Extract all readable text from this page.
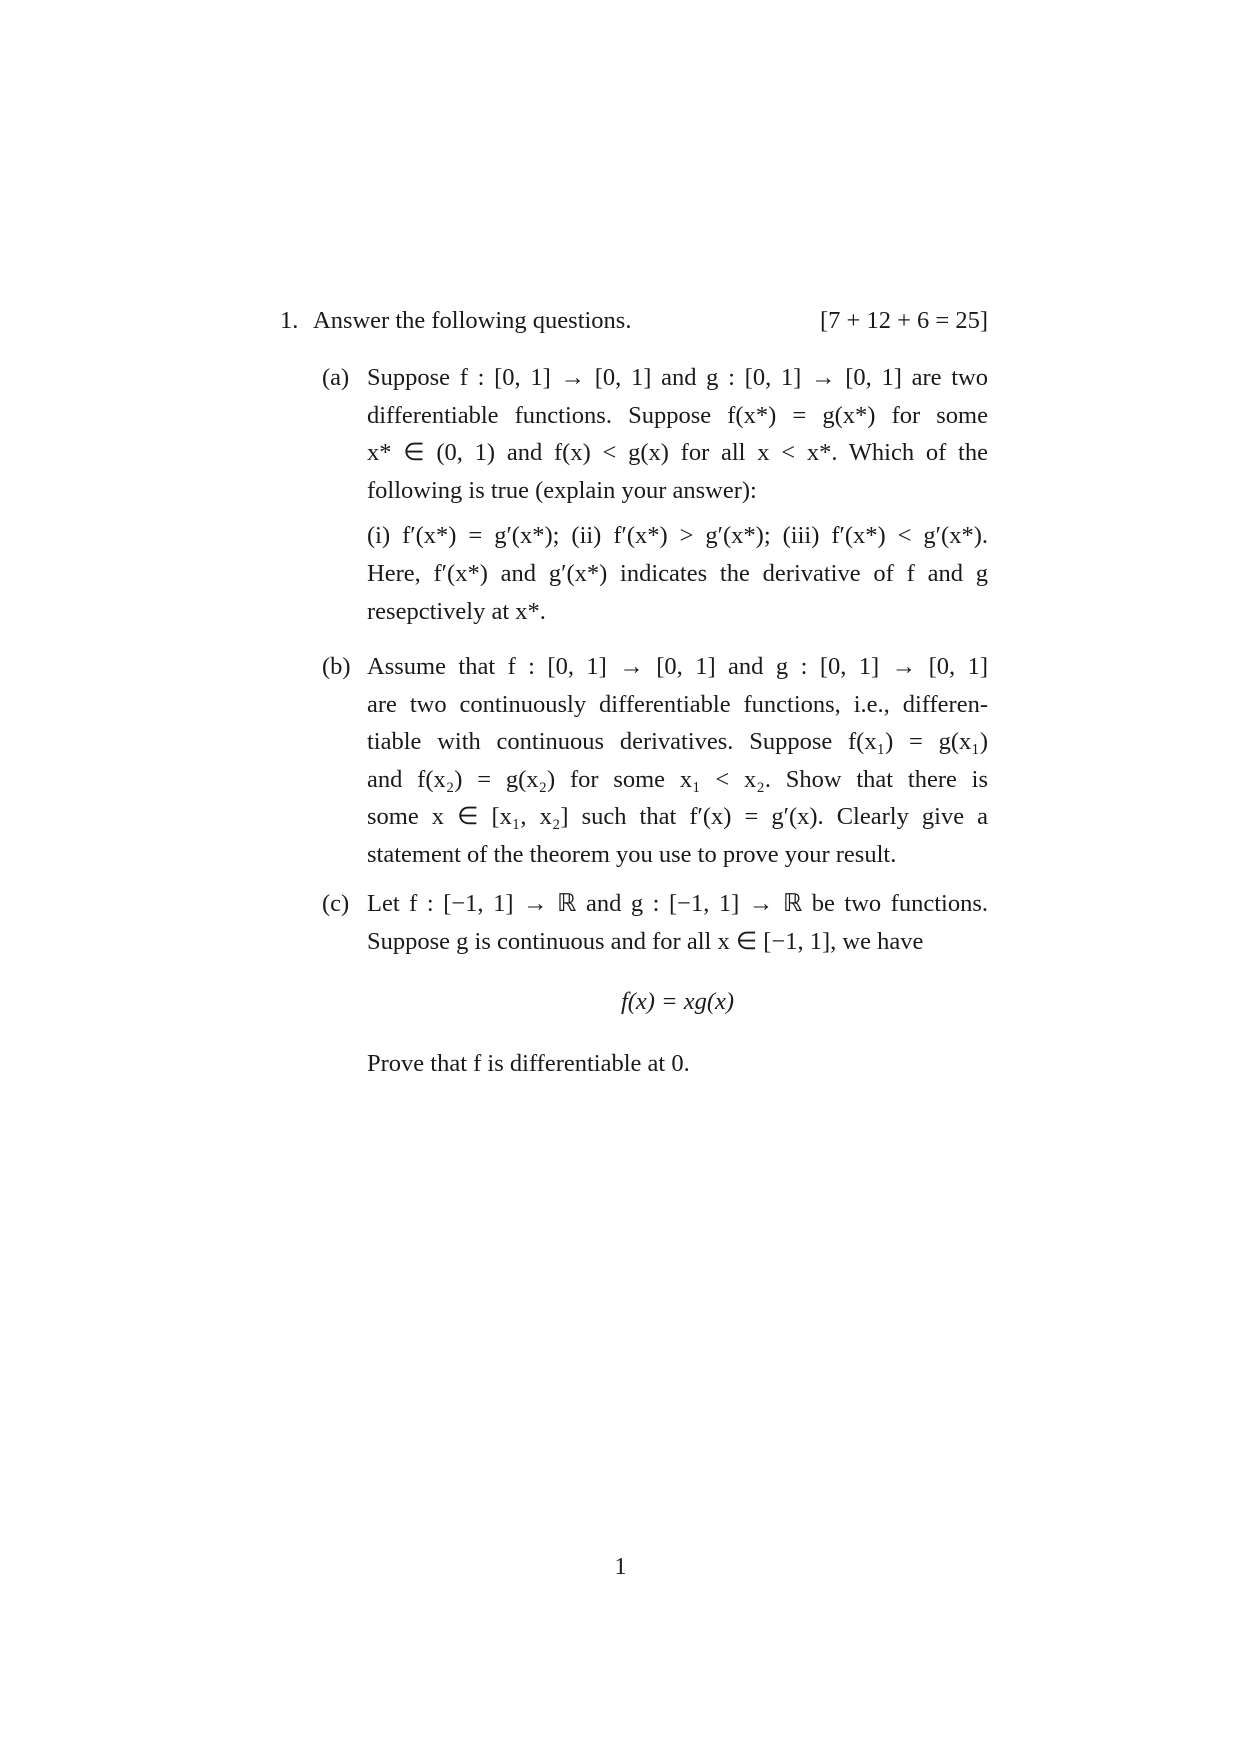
1. Answer the following questions.	[7 + 12 + 6 = 25]
(a) Suppose f : [0, 1] → [0, 1] and g : [0, 1] → [0, 1] are two
differentiable functions. Suppose f(x*) = g(x*) for some
x* ∈ (0, 1) and f(x) < g(x) for all x < x*. Which of the
following is true (explain your answer):
(i) f′(x*) = g′(x*); (ii) f′(x*) > g′(x*); (iii) f′(x*) < g′(x*).
Here, f′(x*) and g′(x*) indicates the derivative of f and g
resepctively at x*.
(b) Assume that f : [0, 1] → [0, 1] and g : [0, 1] → [0, 1]
are two continuously differentiable functions, i.e., differen-
tiable with continuous derivatives. Suppose f(x₁) = g(x₁)
and f(x₂) = g(x₂) for some x₁ < x₂. Show that there is
some x ∈ [x₁, x₂] such that f′(x) = g′(x). Clearly give a
statement of the theorem you use to prove your result.
(c) Let f : [−1, 1] → ℝ and g : [−1, 1] → ℝ be two functions.
Suppose g is continuous and for all x ∈ [−1, 1], we have
f(x) = xg(x)
Prove that f is differentiable at 0.
1
